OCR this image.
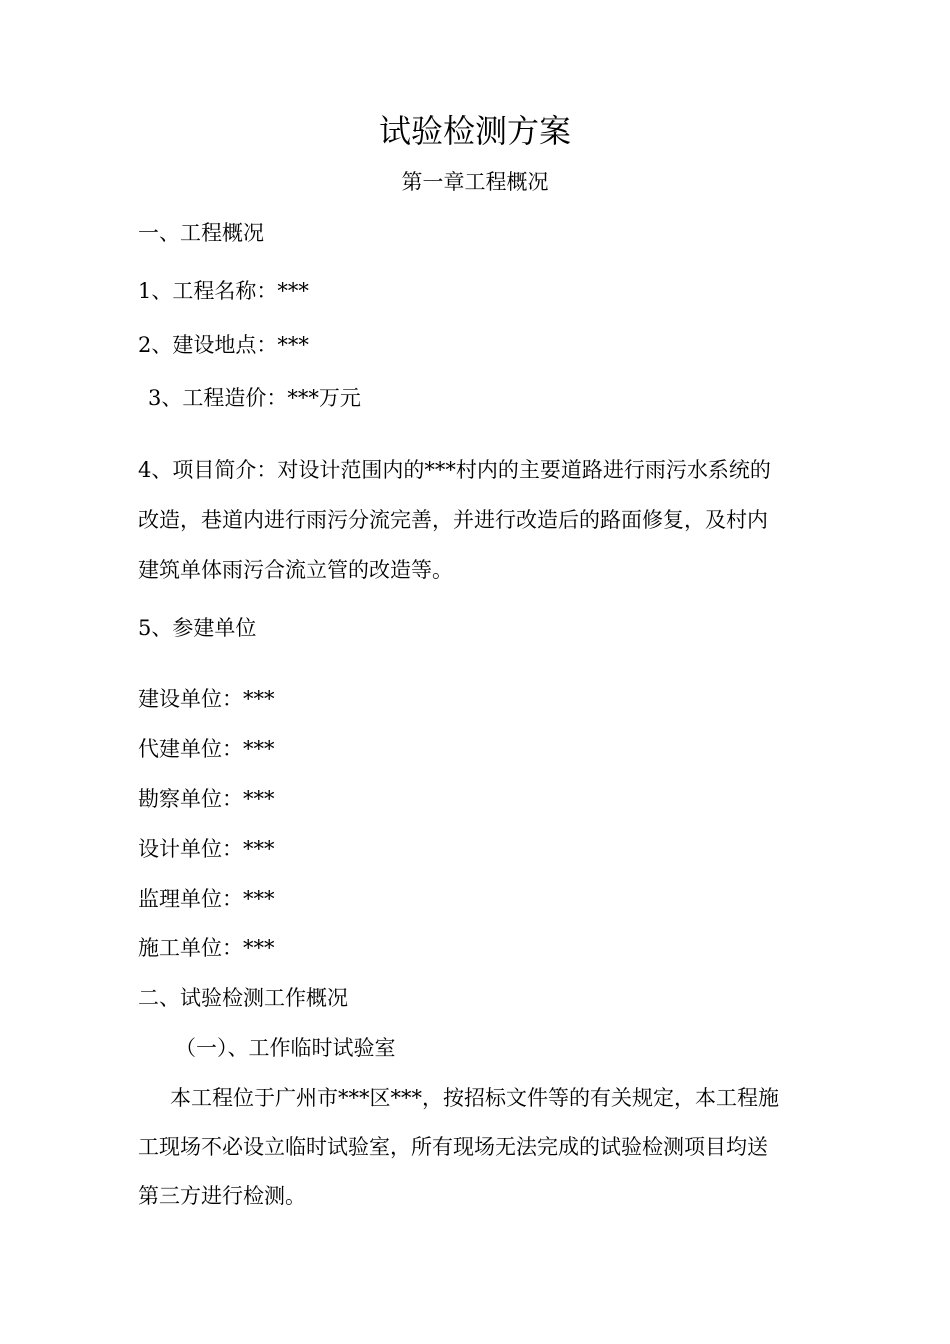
试验检测方案
第一章工程概况
一、工程概况
1、工程名称：***
2、建设地点：***
3、工程造价：***万元
4、项目简介：对设计范围内的***村内的主要道路进行雨污水系统的
改造，巷道内进行雨污分流完善，并进行改造后的路面修复，及村内
建筑单体雨污合流立管的改造等。
5、参建单位
建设单位：***
代建单位：***
勘察单位：***
设计单位：***
监理单位：***
施工单位：***
二、试验检测工作概况
（一）、工作临时试验室
本工程位于广州市***区***，按招标文件等的有关规定，本工程施
工现场不必设立临时试验室，所有现场无法完成的试验检测项目均送
第三方进行检测。
